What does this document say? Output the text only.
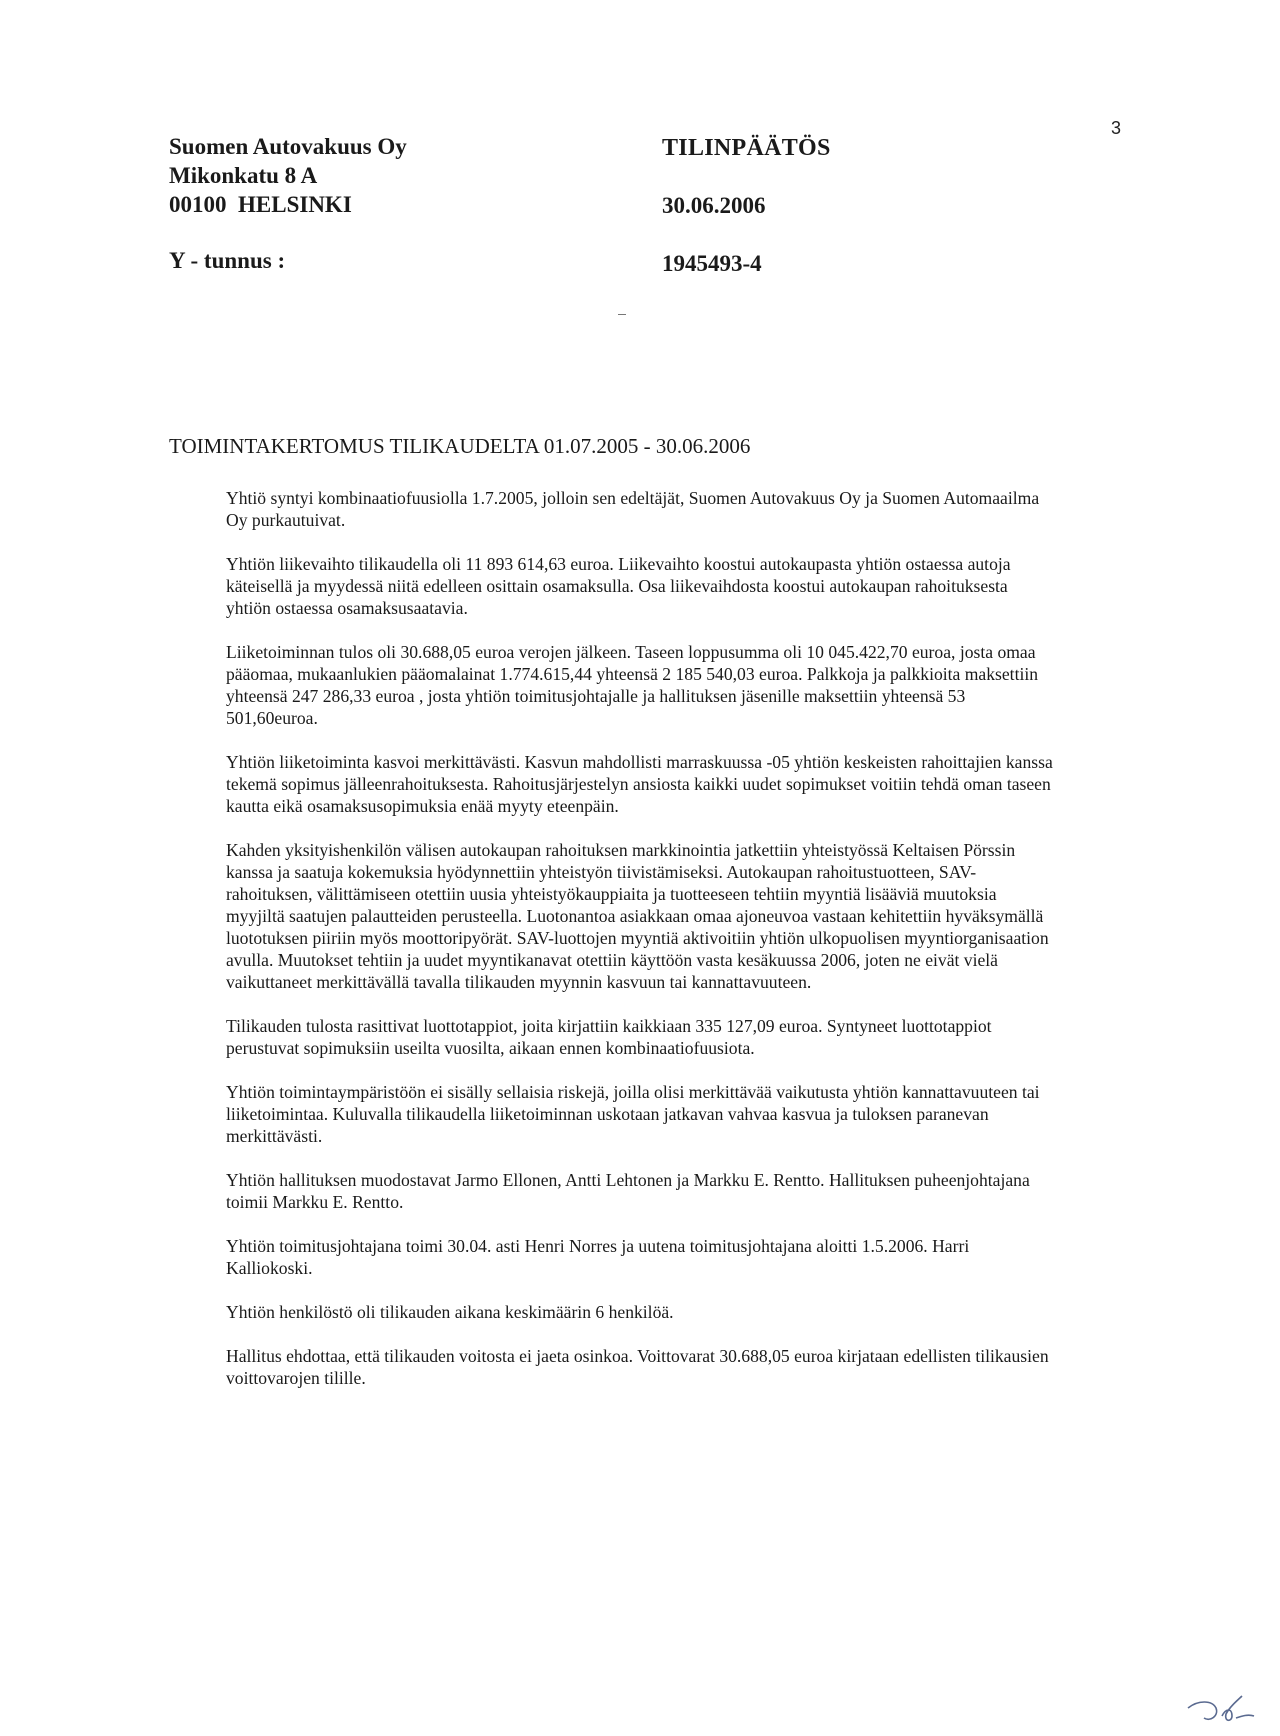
3
Suomen Autovakuus Oy
Mikonkatu 8 A
00100  HELSINKI
TILINPÄÄTÖS
30.06.2006
Y - tunnus :	1945493-4
TOIMINTAKERTOMUS TILIKAUDELTA 01.07.2005 - 30.06.2006

Yhtiö syntyi kombinaatiofuusiolla 1.7.2005, jolloin sen edeltäjät, Suomen Autovakuus Oy ja Suomen Automaailma Oy purkautuivat.

Yhtiön liikevaihto tilikaudella oli 11 893 614,63 euroa. Liikevaihto koostui autokaupasta yhtiön ostaessa autoja käteisellä ja myydessä niitä edelleen osittain osamaksulla. Osa liikevaihdosta koostui autokaupan rahoituksesta yhtiön ostaessa osamaksusaatavia.

Liiketoiminnan tulos oli 30.688,05 euroa verojen jälkeen. Taseen loppusumma oli 10 045.422,70 euroa, josta omaa pääomaa, mukaanlukien pääomalainat 1.774.615,44 yhteensä 2 185 540,03 euroa. Palkkoja ja palkkioita maksettiin yhteensä 247 286,33 euroa , josta yhtiön toimitusjohtajalle ja hallituksen jäsenille maksettiin yhteensä 53 501,60euroa.

Yhtiön liiketoiminta kasvoi merkittävästi. Kasvun mahdollisti marraskuussa -05 yhtiön keskeisten rahoittajien kanssa tekemä sopimus jälleenrahoituksesta. Rahoitusjärjestelyn ansiosta kaikki uudet sopimukset voitiin tehdä oman taseen kautta eikä osamaksusopimuksia enää myyty eteenpäin.

Kahden yksityishenkilön välisen autokaupan rahoituksen markkinointia jatkettiin yhteistyössä Keltaisen Pörssin kanssa ja saatuja kokemuksia hyödynnettiin yhteistyön tiivistämiseksi. Autokaupan rahoitustuotteen, SAV-rahoituksen, välittämiseen otettiin uusia yhteistyökauppiaita ja tuotteeseen tehtiin myyntiä lisääviä muutoksia myyjiltä saatujen palautteiden perusteella. Luotonantoa asiakkaan omaa ajoneuvoa vastaan kehitettiin hyväksymällä luototuksen piiriin myös moottoripyörät. SAV-luottojen myyntiä aktivoitiin yhtiön ulkopuolisen myyntiorganisaation avulla. Muutokset tehtiin ja uudet myyntikanavat otettiin käyttöön vasta kesäkuussa 2006, joten ne eivät vielä vaikuttaneet merkittävällä tavalla tilikauden myynnin kasvuun tai kannattavuuteen.

Tilikauden tulosta rasittivat luottotappiot, joita kirjattiin kaikkiaan 335 127,09 euroa. Syntyneet luottotappiot perustuvat sopimuksiin useilta vuosilta, aikaan ennen kombinaatiofuusiota.

Yhtiön toimintaympäristöön ei sisälly sellaisia riskejä, joilla olisi merkittävää vaikutusta yhtiön kannattavuuteen tai liiketoimintaa. Kuluvalla tilikaudella liiketoiminnan uskotaan jatkavan vahvaa kasvua ja tuloksen paranevan merkittävästi.

Yhtiön hallituksen muodostavat Jarmo Ellonen, Antti Lehtonen ja Markku E. Rentto. Hallituksen puheenjohtajana toimii Markku E. Rentto.

Yhtiön toimitusjohtajana toimi 30.04. asti Henri Norres ja uutena toimitusjohtajana aloitti 1.5.2006. Harri Kalliokoski.

Yhtiön henkilöstö oli tilikauden aikana keskimäärin 6 henkilöä.

Hallitus ehdottaa, että tilikauden voitosta ei jaeta osinkoa. Voittovarat 30.688,05 euroa kirjataan edellisten tilikausien voittovarojen tilille.
